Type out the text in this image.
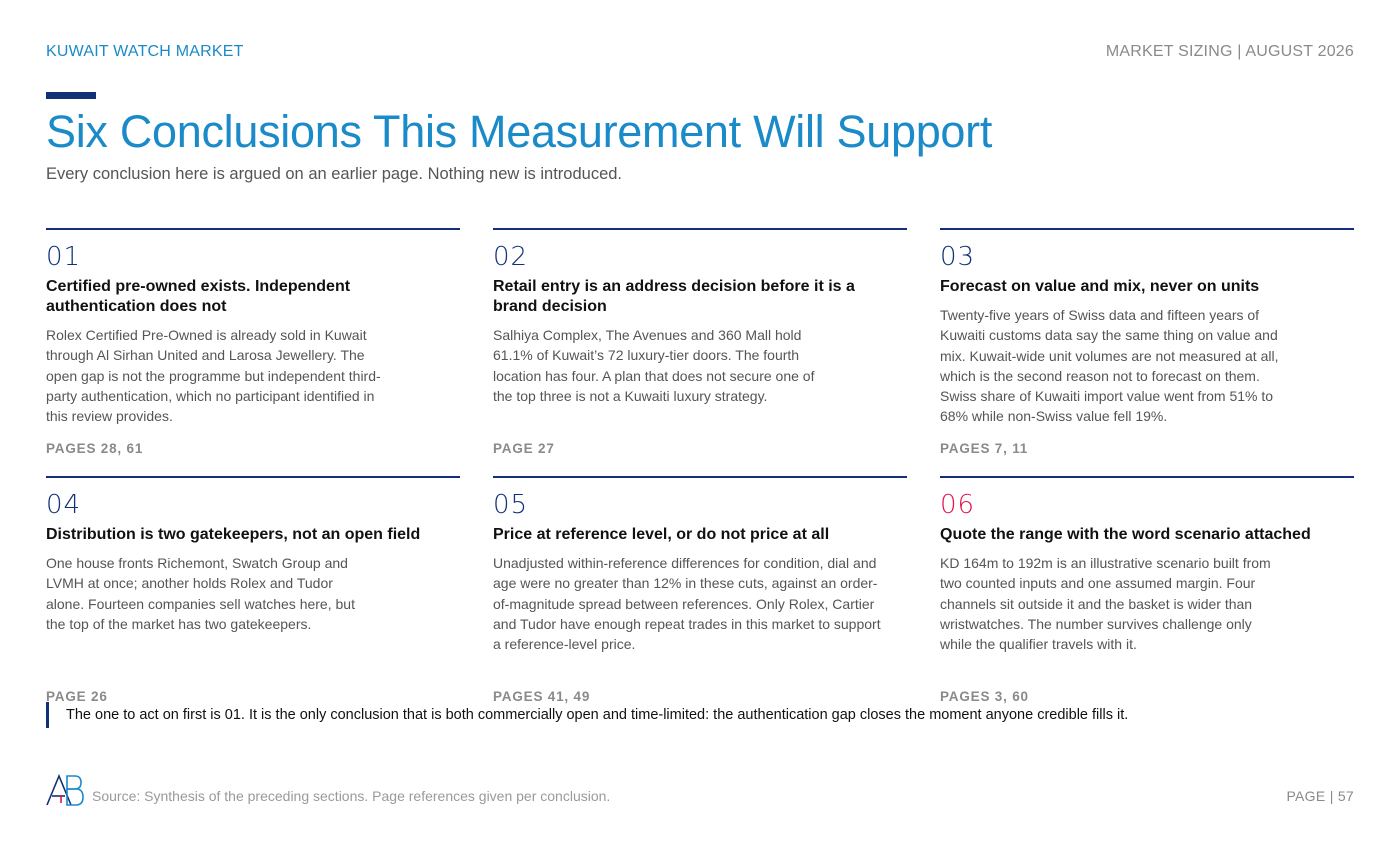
KUWAIT WATCH MARKET	MARKET SIZING | AUGUST 2026
Six Conclusions This Measurement Will Support
Every conclusion here is argued on an earlier page. Nothing new is introduced.
01
Certified pre-owned exists. Independent authentication does not
Rolex Certified Pre-Owned is already sold in Kuwait through Al Sirhan United and Larosa Jewellery. The open gap is not the programme but independent third-party authentication, which no participant identified in this review provides.
PAGES 28, 61
02
Retail entry is an address decision before it is a brand decision
Salhiya Complex, The Avenues and 360 Mall hold 61.1% of Kuwait’s 72 luxury-tier doors. The fourth location has four. A plan that does not secure one of the top three is not a Kuwaiti luxury strategy.
PAGE 27
03
Forecast on value and mix, never on units
Twenty-five years of Swiss data and fifteen years of Kuwaiti customs data say the same thing on value and mix. Kuwait-wide unit volumes are not measured at all, which is the second reason not to forecast on them. Swiss share of Kuwaiti import value went from 51% to 68% while non-Swiss value fell 19%.
PAGES 7, 11
04
Distribution is two gatekeepers, not an open field
One house fronts Richemont, Swatch Group and LVMH at once; another holds Rolex and Tudor alone. Fourteen companies sell watches here, but the top of the market has two gatekeepers.
PAGE 26
05
Price at reference level, or do not price at all
Unadjusted within-reference differences for condition, dial and age were no greater than 12% in these cuts, against an order-of-magnitude spread between references. Only Rolex, Cartier and Tudor have enough repeat trades in this market to support a reference-level price.
PAGES 41, 49
06
Quote the range with the word scenario attached
KD 164m to 192m is an illustrative scenario built from two counted inputs and one assumed margin. Four channels sit outside it and the basket is wider than wristwatches. The number survives challenge only while the qualifier travels with it.
PAGES 3, 60
The one to act on first is 01. It is the only conclusion that is both commercially open and time-limited: the authentication gap closes the moment anyone credible fills it.
Source: Synthesis of the preceding sections. Page references given per conclusion.	PAGE | 57
